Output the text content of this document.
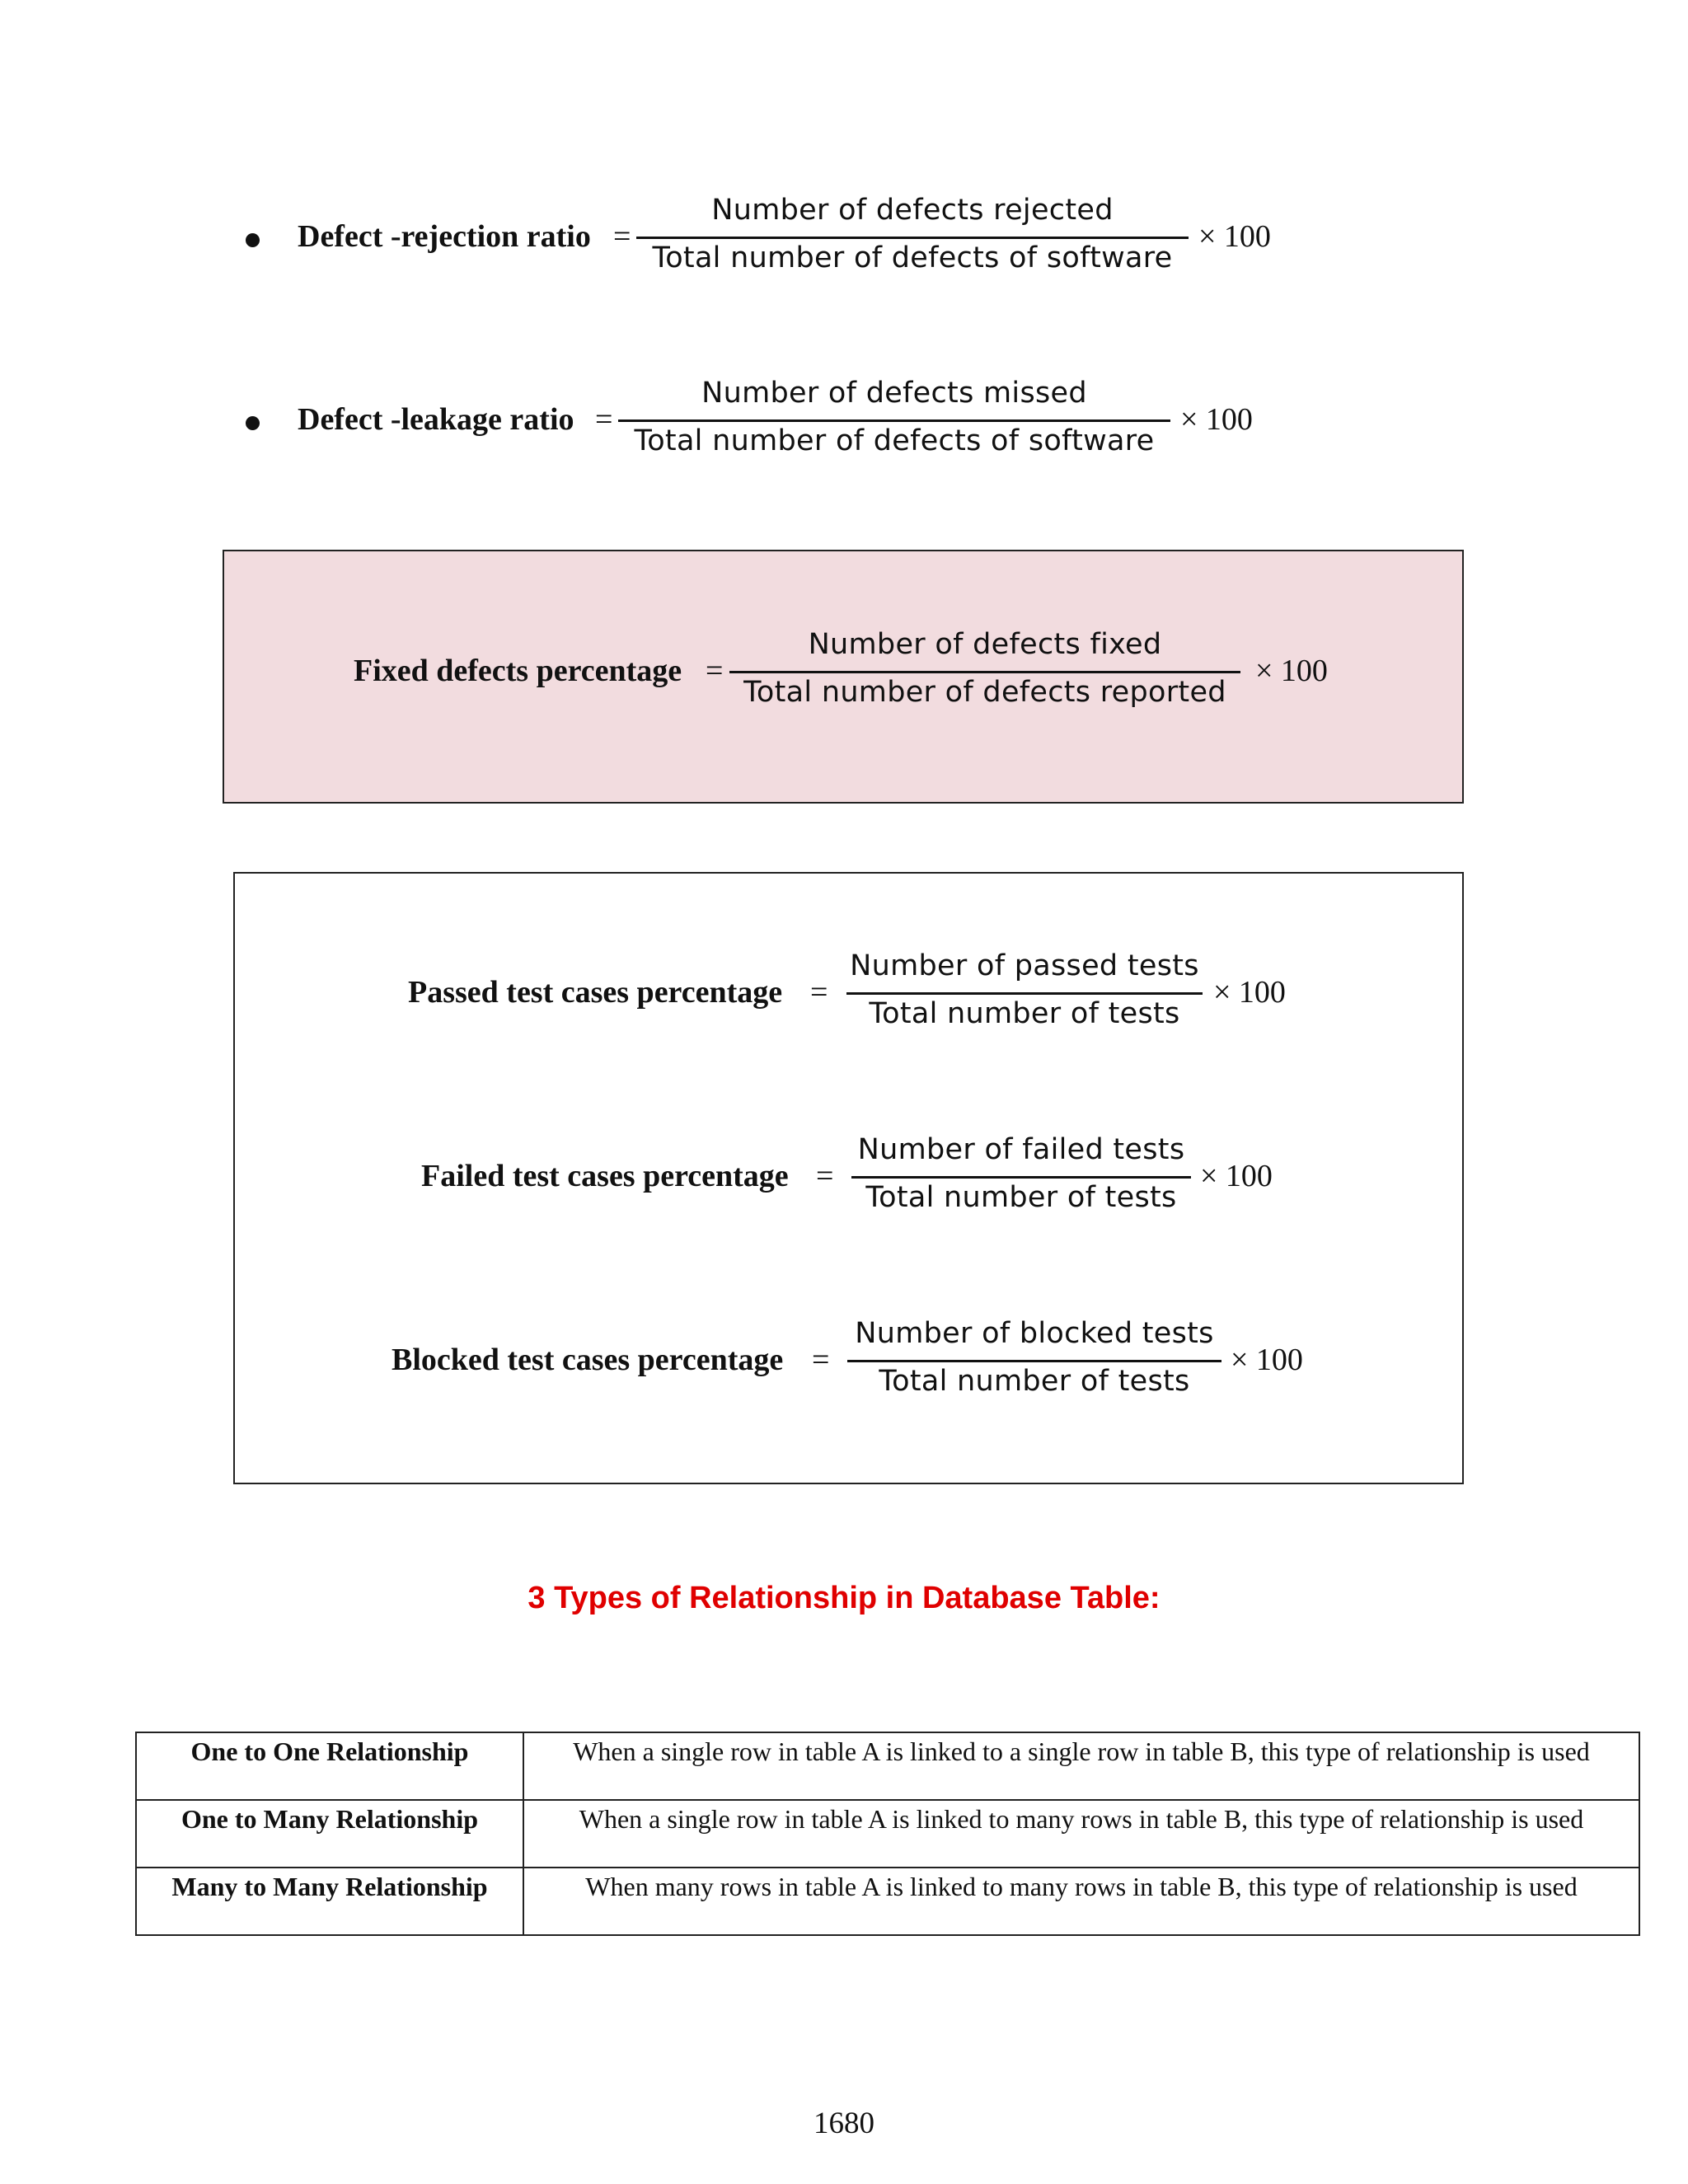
Defect -rejection ratio =
Number of defects rejected
Total number of defects of software
× 100
Defect -leakage ratio =
Number of defects missed
Total number of defects of software
× 100
Fixed defects percentage =
Number of defects fixed
Total number of defects reported
× 100
Passed test cases percentage =
Number of passed tests
Total number of tests
× 100
Failed test cases percentage =
Number of failed tests
Total number of tests
× 100
Blocked test cases percentage =
Number of blocked tests
Total number of tests
× 100
3 Types of Relationship in Database Table:
One to One Relationship	When a single row in table A is linked to a single row in table B, this type of relationship is used
One to Many Relationship	When a single row in table A is linked to many rows in table B, this type of relationship is used
Many to Many Relationship	When many rows in table A is linked to many rows in table B, this type of relationship is used
1680
